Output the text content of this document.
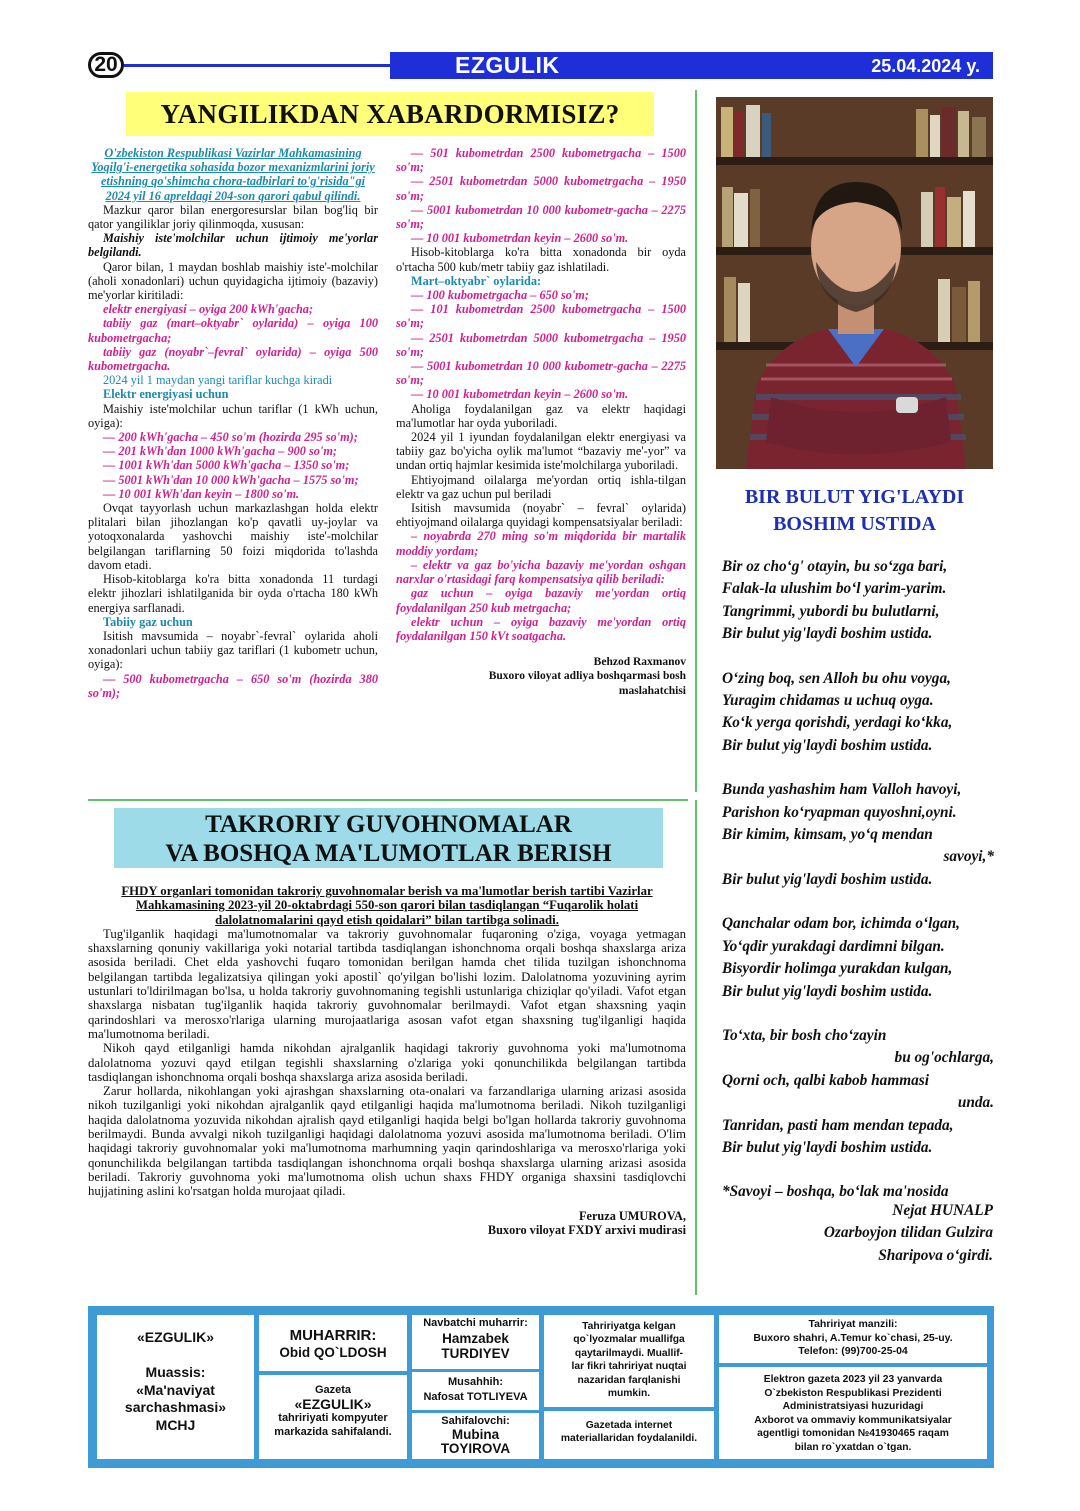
20	EZGULIK	25.04.2024 y.
YANGILIKDAN XABARDORMISIZ?

O'zbekiston Respublikasi Vazirlar Mahkamasining Yoqilg'i-energetika sohasida bozor mexanizmlarini joriy etishning qo'shimcha chora-tadbirlari to'g'risida"gi 2024 yil 16 apreldagi 204-son qarori qabul qilindi.

Mazkur qaror bilan energoresurslar bilan bog'liq bir qator yangiliklar joriy qilinmoqda, xususan:

Maishiy iste'molchilar uchun ijtimoiy me'yorlar belgilandi.

Qaror bilan, 1 maydan boshlab maishiy iste'-molchilar (aholi xonadonlari) uchun quyidagicha ijtimoiy (bazaviy) me'yorlar kiritiladi:

elektr energiyasi – oyiga 200 kWh'gacha;

tabiiy gaz (mart–oktyabr` oylarida) – oyiga 100 kubometrgacha;

tabiiy gaz (noyabr`–fevral` oylarida) – oyiga 500 kubometrgacha.

2024 yil 1 maydan yangi tariflar kuchga kiradi

Elektr energiyasi uchun

Maishiy iste'molchilar uchun tariflar (1 kWh uchun, oyiga):

— 200 kWh'gacha – 450 so'm (hozirda 295 so'm);

— 201 kWh'dan 1000 kWh'gacha – 900 so'm;

— 1001 kWh'dan 5000 kWh'gacha – 1350 so'm;

— 5001 kWh'dan 10 000 kWh'gacha – 1575 so'm;

— 10 001 kWh'dan keyin – 1800 so'm.

Ovqat tayyorlash uchun markazlashgan holda elektr plitalari bilan jihozlangan ko'p qavatli uy-joylar va yotoqxonalarda yashovchi maishiy iste'-molchilar belgilangan tariflarning 50 foizi miqdorida to'lashda davom etadi.

Hisob-kitoblarga ko'ra bitta xonadonda 11 turdagi elektr jihozlari ishlatilganida bir oyda o'rtacha 180 kWh energiya sarflanadi.

Tabiiy gaz uchun

Isitish mavsumida – noyabr`-fevral` oylarida aholi xonadonlari uchun tabiiy gaz tariflari (1 kubometr uchun, oyiga):

— 500 kubometrgacha – 650 so'm (hozirda 380 so'm);

— 501 kubometrdan 2500 kubometrgacha – 1500 so'm;

— 2501 kubometrdan 5000 kubometrgacha – 1950 so'm;

— 5001 kubometrdan 10 000 kubometr-gacha – 2275 so'm;

— 10 001 kubometrdan keyin – 2600 so'm.

Hisob-kitoblarga ko'ra bitta xonadonda bir oyda o'rtacha 500 kub/metr tabiiy gaz ishlatiladi.

Mart–oktyabr` oylarida:

— 100 kubometrgacha – 650 so'm;

— 101 kubometrdan 2500 kubometrgacha – 1500 so'm;

— 2501 kubometrdan 5000 kubometrgacha – 1950 so'm;

— 5001 kubometrdan 10 000 kubometr-gacha – 2275 so'm;

— 10 001 kubometrdan keyin – 2600 so'm.

Aholiga foydalanilgan gaz va elektr haqidagi ma'lumotlar har oyda yuboriladi.

2024 yil 1 iyundan foydalanilgan elektr energiyasi va tabiiy gaz bo'yicha oylik ma'lumot “bazaviy me'-yor” va undan ortiq hajmlar kesimida iste'molchilarga yuboriladi.

Ehtiyojmand oilalarga me'yordan ortiq ishla-tilgan elektr va gaz uchun pul beriladi

Isitish mavsumida (noyabr` – fevral` oylarida) ehtiyojmand oilalarga quyidagi kompensatsiyalar beriladi:

– noyabrda 270 ming so'm miqdorida bir martalik moddiy yordam;

– elektr va gaz bo'yicha bazaviy me'yordan oshgan narxlar o'rtasidagi farq kompensatsiya qilib beriladi:

gaz uchun – oyiga bazaviy me'yordan ortiq foydalanilgan 250 kub metrgacha;

elektr uchun – oyiga bazaviy me'yordan ortiq foydalanilgan 150 kVt soatgacha.

Behzod Raxmanov

Buxoro viloyat adliya boshqarmasi bosh

maslahatchisi

BIR BULUT YIG'LAYDI
BOSHIM USTIDA
Bir oz cho‘g' otayin, bu so‘zga bari,
Falak-la ulushim bo‘l yarim-yarim.
Tangrimmi, yubordi bu bulutlarni,
Bir bulut yig'laydi boshim ustida.
O‘zing boq, sen Alloh bu ohu voyga,
Yuragim chidamas u uchuq oyga.
Ko‘k yerga qorishdi, yerdagi ko‘kka,
Bir bulut yig'laydi boshim ustida.
Bunda yashashim ham Valloh havoyi,
Parishon ko‘ryapman quyoshni,oyni.
Bir kimim, kimsam, yo‘q mendan
savoyi,*
Bir bulut yig'laydi boshim ustida.
Qanchalar odam bor, ichimda o‘lgan,
Yo‘qdir yurakdagi dardimni bilgan.
Bisyordir holimga yurakdan kulgan,
Bir bulut yig'laydi boshim ustida.
To‘xta, bir bosh cho‘zayin
bu og'ochlarga,
Qorni och, qalbi kabob hammasi
unda.
Tanridan, pasti ham mendan tepada,
Bir bulut yig'laydi boshim ustida.
*Savoyi – boshqa, bo‘lak ma'nosida
Nejat HUNALP
Ozarboyjon tilidan Gulzira
Sharipova o‘girdi.
TAKRORIY GUVOHNOMALAR
VA BOSHQA MA'LUMOTLAR BERISH

FHDY organlari tomonidan takroriy guvohnomalar berish va ma'lumotlar berish tartibi Vazirlar Mahkamasining 2023-yil 20-oktabrdagi 550-son qarori bilan tasdiqlangan “Fuqarolik holati dalolatnomalarini qayd etish qoidalari” bilan tartibga solinadi.

Tug'ilganlik haqidagi ma'lumotnomalar va takroriy guvohnomalar fuqaroning o'ziga, voyaga yetmagan shaxslarning qonuniy vakillariga yoki notarial tartibda tasdiqlangan ishonchnoma orqali boshqa shaxslarga ariza asosida beriladi. Chet elda yashovchi fuqaro tomonidan berilgan hamda chet tilida tuzilgan ishonchnoma belgilangan tartibda legalizatsiya qilingan yoki apostil` qo'yilgan bo'lishi lozim. Dalolatnoma yozuvining ayrim ustunlari to'ldirilmagan bo'lsa, u holda takroriy guvohnomaning tegishli ustunlariga chiziqlar qo'yiladi. Vafot etgan shaxslarga nisbatan tug'ilganlik haqida takroriy guvohnomalar berilmaydi. Vafot etgan shaxsning yaqin qarindoshlari va merosxo'rlariga ularning murojaatlariga asosan vafot etgan shaxsning tug'ilganligi haqida ma'lumotnoma beriladi.

Nikoh qayd etilganligi hamda nikohdan ajralganlik haqidagi takroriy guvohnoma yoki ma'lumotnoma dalolatnoma yozuvi qayd etilgan tegishli shaxslarning o'zlariga yoki qonunchilikda belgilangan tartibda tasdiqlangan ishonchnoma orqali boshqa shaxslarga ariza asosida beriladi.

Zarur hollarda, nikohlangan yoki ajrashgan shaxslarning ota-onalari va farzandlariga ularning arizasi asosida nikoh tuzilganligi yoki nikohdan ajralganlik qayd etilganligi haqida ma'lumotnoma beriladi. Nikoh tuzilganligi haqida dalolatnoma yozuvida nikohdan ajralish qayd etilganligi haqida belgi bo'lgan hollarda takroriy guvohnoma berilmaydi. Bunda avvalgi nikoh tuzilganligi haqidagi dalolatnoma yozuvi asosida ma'lumotnoma beriladi. O'lim haqidagi takroriy guvohnomalar yoki ma'lumotnoma marhumning yaqin qarindoshlariga va merosxo'rlariga yoki qonunchilikda belgilangan tartibda tasdiqlangan ishonchnoma orqali boshqa shaxslarga ularning arizasi asosida beriladi. Takroriy guvohnoma yoki ma'lumotnoma olish uchun shaxs FHDY organiga shaxsini tasdiqlovchi hujjatining aslini ko'rsatgan holda murojaat qiladi.

Feruza UMUROVA,

Buxoro viloyat FXDY arxivi mudirasi

«EZGULIK»

Muassis:
«Ma'naviyat
sarchashmasi»
MCHJ
MUHARRIR:
Obid QO`LDOSH
Gazeta
«EZGULIK»
tahririyati kompyuter
markazida sahifalandi.
Navbatchi muharrir:
Hamzabek
TURDIYEV
Musahhih:
Nafosat TOTLIYEVA
Sahifalovchi:
Mubina
TOYIROVA
Tahririyatga kelgan
qo`lyozmalar muallifga
qaytarilmaydi. Muallif-
lar fikri tahririyat nuqtai
nazaridan farqlanishi
mumkin.
Gazetada internet
materiallaridan foydalanildi.
Tahririyat manzili:
Buxoro shahri, A.Temur ko`chasi, 25-uy.
Telefon: (99)700-25-04
Elektron gazeta 2023 yil 23 yanvarda
O`zbekiston Respublikasi Prezidenti
Administratsiyasi huzuridagi
Axborot va ommaviy kommunikatsiyalar
agentligi tomonidan №41930465 raqam
bilan ro`yxatdan o`tgan.
